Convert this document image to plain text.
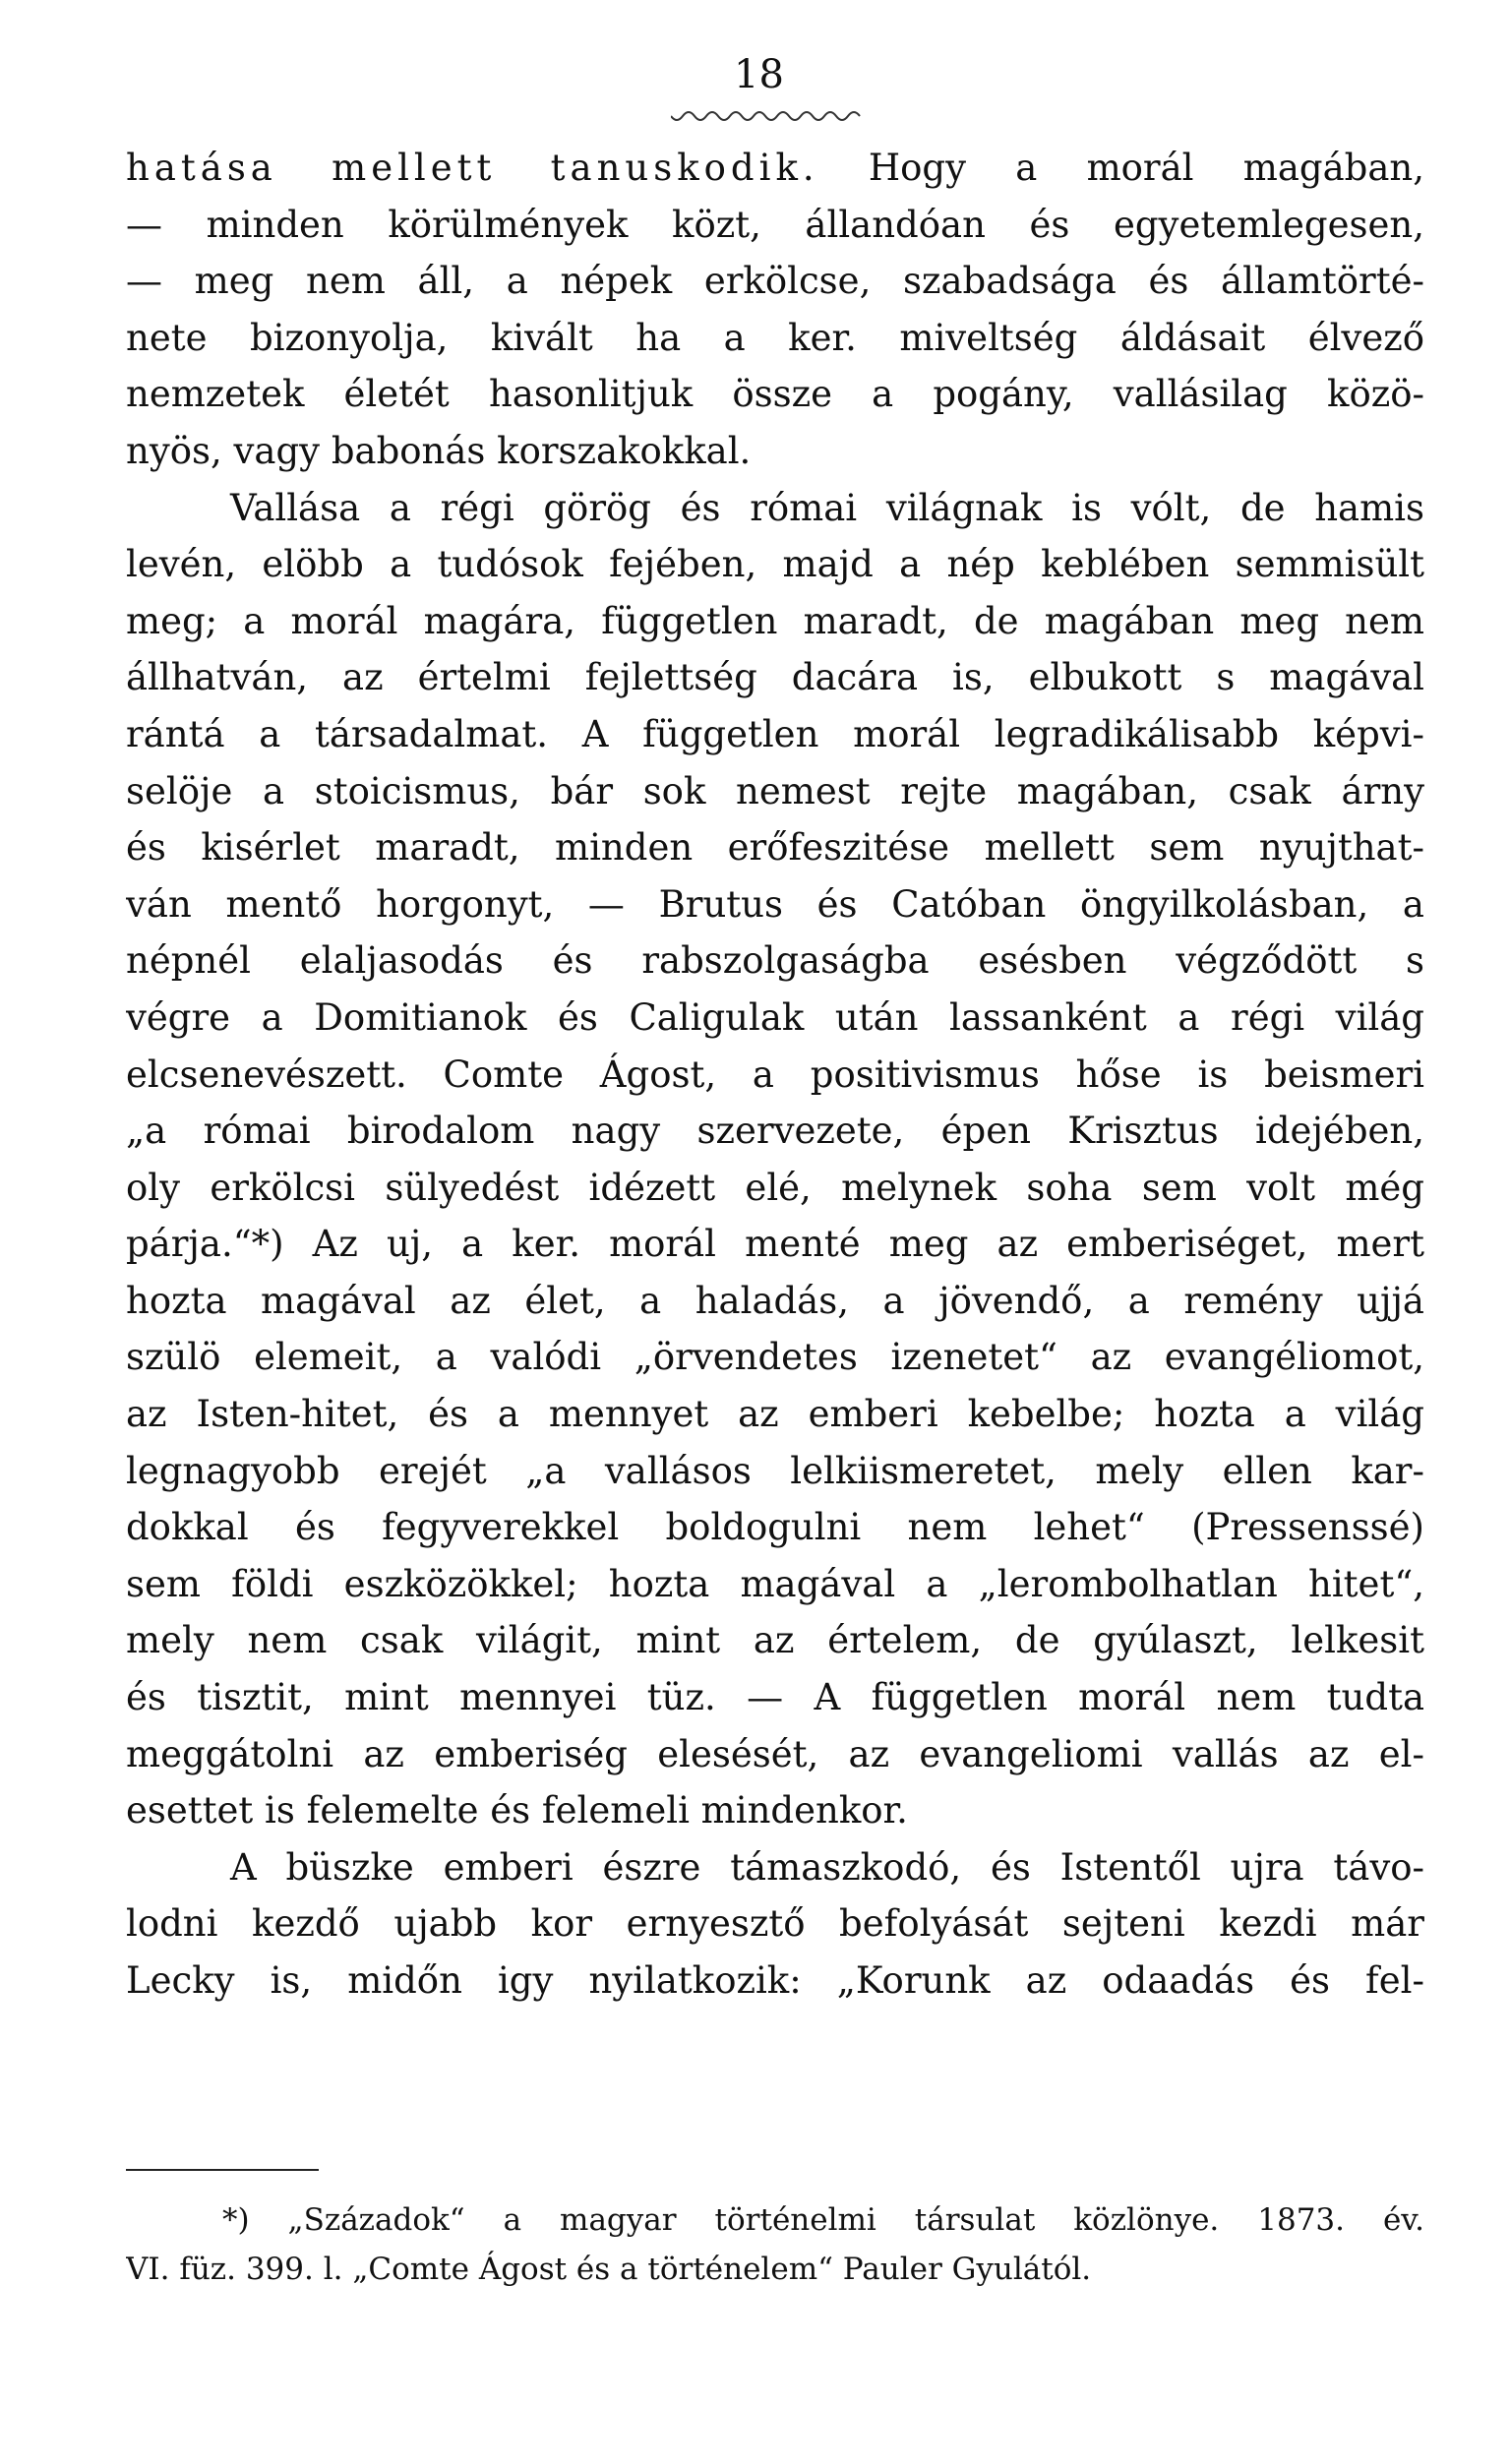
18
hatása mellett tanuskodik. Hogy a morál magában,
— minden körülmények közt, állandóan és egyetemlegesen,
— meg nem áll, a népek erkölcse, szabadsága és államtörté-
nete bizonyolja, kivált ha a ker. miveltség áldásait élvező
nemzetek életét hasonlitjuk össze a pogány, vallásilag közö-
nyös, vagy babonás korszakokkal.
Vallása a régi görög és római világnak is vólt, de hamis
levén, elöbb a tudósok fejében, majd a nép keblében semmisült
meg; a morál magára, független maradt, de magában meg nem
állhatván, az értelmi fejlettség dacára is, elbukott s magával
rántá a társadalmat. A független morál legradikálisabb képvi-
selöje a stoicismus, bár sok nemest rejte magában, csak árny
és kisérlet maradt, minden erőfeszitése mellett sem nyujthat-
ván mentő horgonyt, — Brutus és Catóban öngyilkolásban, a
népnél elaljasodás és rabszolgaságba esésben végződött s
végre a Domitianok és Caligulak után lassanként a régi világ
elcsenevészett. Comte Ágost, a positivismus hőse is beismeri
„a római birodalom nagy szervezete, épen Krisztus idejében,
oly erkölcsi sülyedést idézett elé, melynek soha sem volt még
párja.“*) Az uj, a ker. morál menté meg az emberiséget, mert
hozta magával az élet, a haladás, a jövendő, a remény ujjá
szülö elemeit, a valódi „örvendetes izenetet“ az evangéliomot,
az Isten-hitet, és a mennyet az emberi kebelbe; hozta a világ
legnagyobb erejét „a vallásos lelkiismeretet, mely ellen kar-
dokkal és fegyverekkel boldogulni nem lehet“ (Pressenssé)
sem földi eszközökkel; hozta magával a „lerombolhatlan hitet“,
mely nem csak világit, mint az értelem, de gyúlaszt, lelkesit
és tisztit, mint mennyei tüz. — A független morál nem tudta
meggátolni az emberiség elesését, az evangeliomi vallás az el-
esettet is felemelte és felemeli mindenkor.
A büszke emberi észre támaszkodó, és Istentől ujra távo-
lodni kezdő ujabb kor ernyesztő befolyását sejteni kezdi már
Lecky is, midőn igy nyilatkozik: „Korunk az odaadás és fel-
*) „Századok“ a magyar történelmi társulat közlönye. 1873. év.
VI. füz. 399. l. „Comte Ágost és a történelem“ Pauler Gyulától.
